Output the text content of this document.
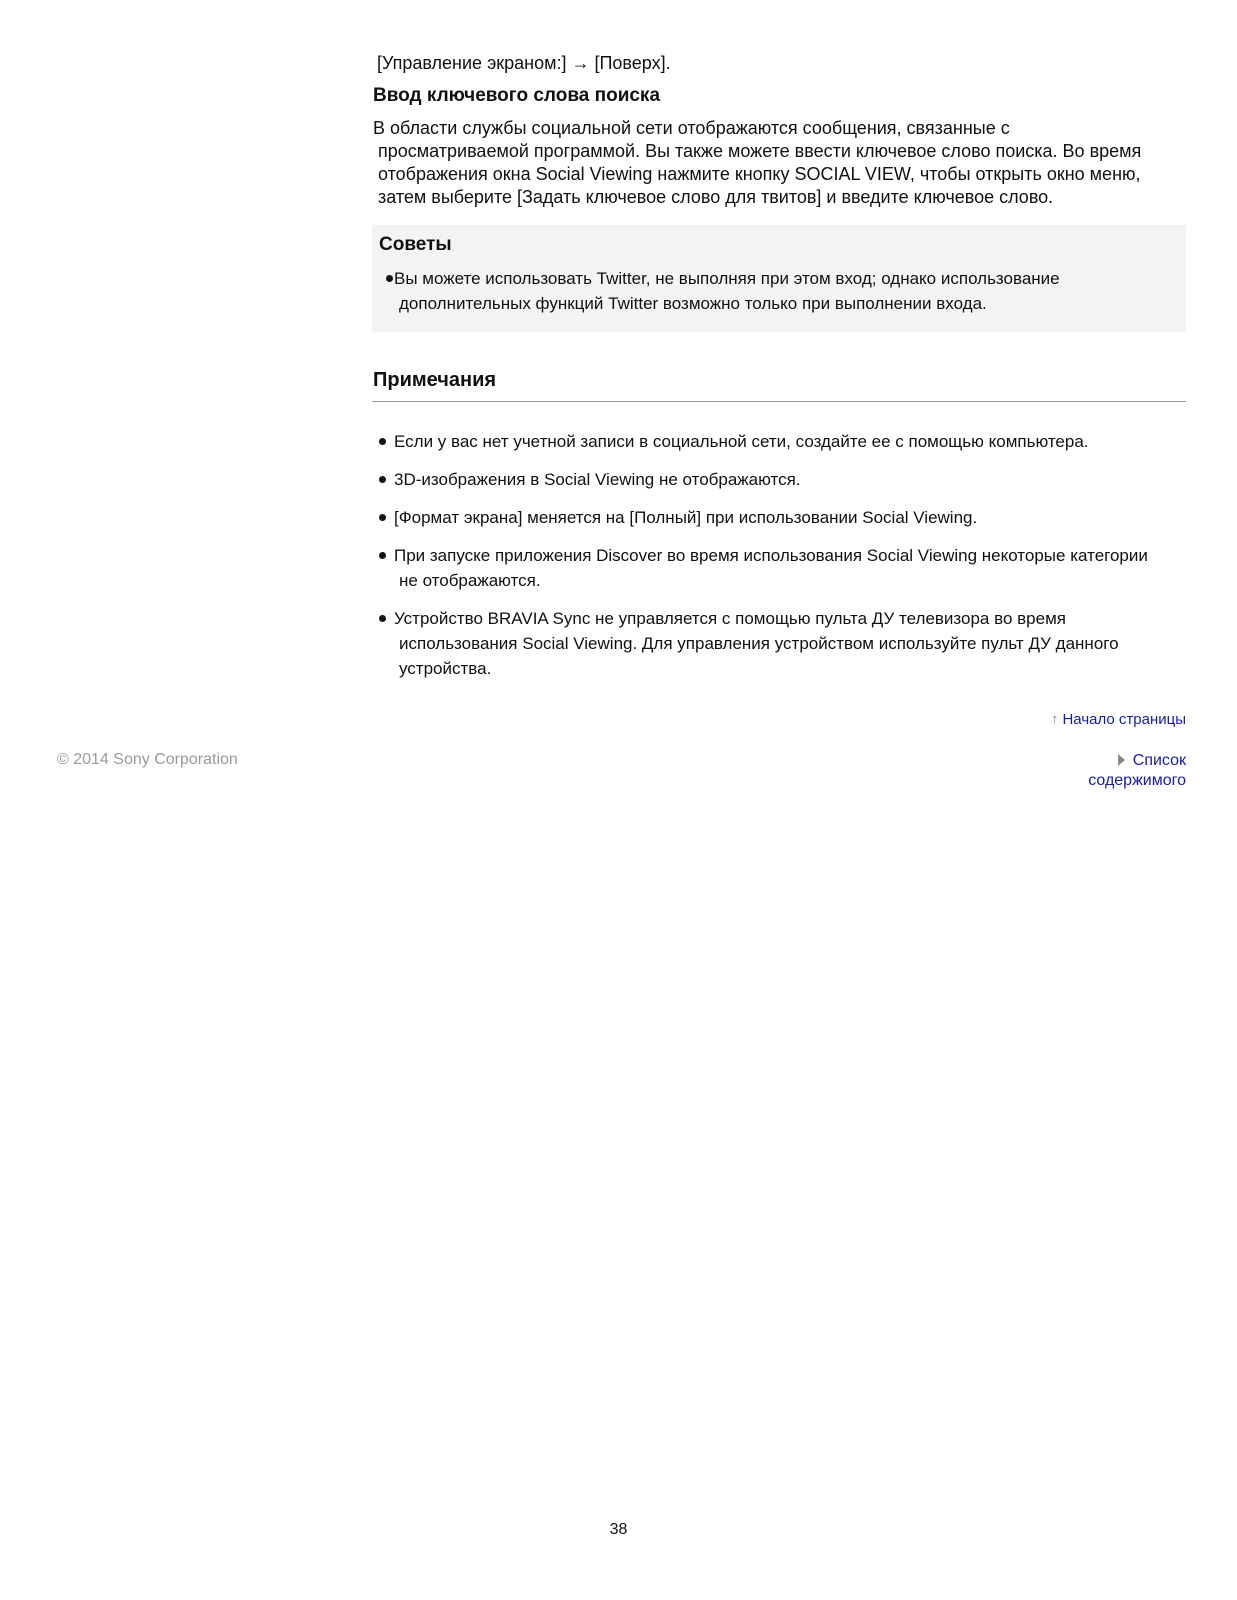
[Управление экраном:] → [Поверх].
Ввод ключевого слова поиска
В области службы социальной сети отображаются сообщения, связанные с
просматриваемой программой. Вы также можете ввести ключевое слово поиска. Во время
отображения окна Social Viewing нажмите кнопку SOCIAL VIEW, чтобы открыть окно меню,
затем выберите [Задать ключевое слово для твитов] и введите ключевое слово.
Советы
Вы можете использовать Twitter, не выполняя при этом вход; однако использование
дополнительных функций Twitter возможно только при выполнении входа.
Примечания
Если у вас нет учетной записи в социальной сети, создайте ее с помощью компьютера.
3D-изображения в Social Viewing не отображаются.
[Формат экрана] меняется на [Полный] при использовании Social Viewing.
При запуске приложения Discover во время использования Social Viewing некоторые категории
не отображаются.
Устройство BRAVIA Sync не управляется с помощью пульта ДУ телевизора во время
использования Social Viewing. Для управления устройством используйте пульт ДУ данного
устройства.
↑ Начало страницы
© 2014 Sony Corporation	Список
содержимого
38
